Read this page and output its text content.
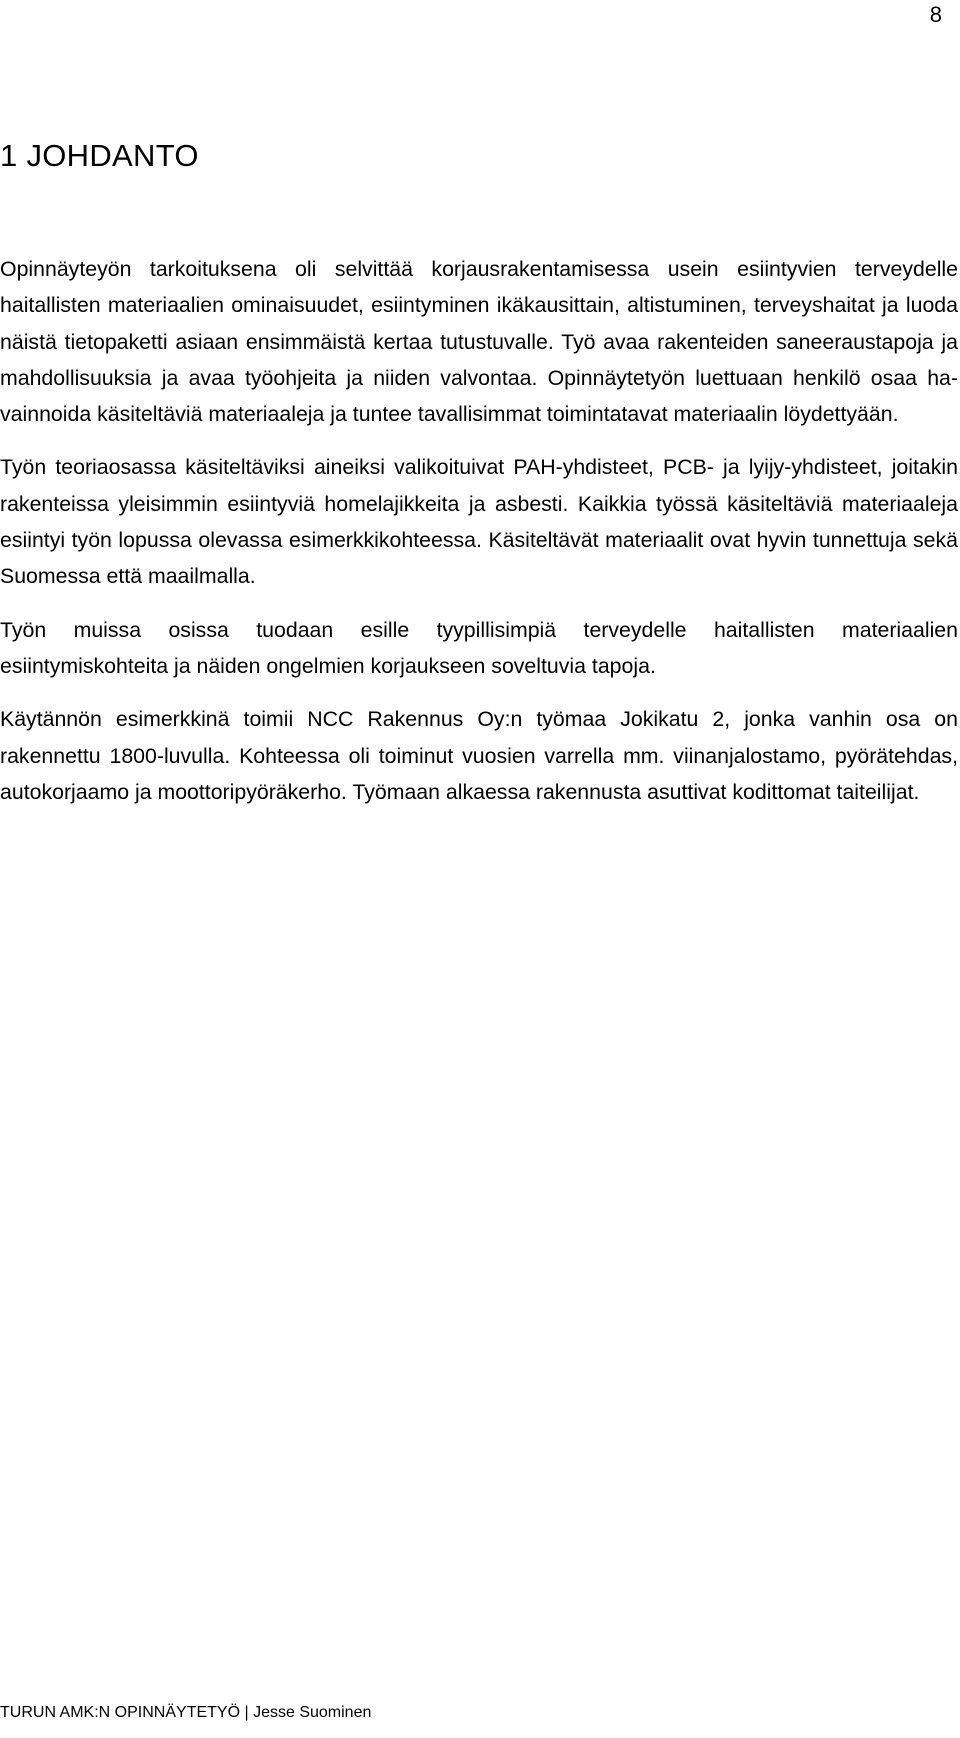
8
1 JOHDANTO

Opinnäyteyön tarkoituksena oli selvittää korjausrakentamisessa usein esiintyvien terveydelle haitallisten materiaalien ominaisuudet, esiintyminen ikäkausittain, altistuminen, terveyshaitat ja luoda näistä tietopaketti asiaan ensimmäistä kertaa tutustuvalle. Työ avaa rakenteiden saneeraustapoja ja mahdollisuuksia ja avaa työohjeita ja niiden valvontaa. Opinnäytetyön luettuaan henkilö osaa havainnoida käsiteltäviä materiaaleja ja tuntee tavallisimmat toimintatavat materiaalin löydettyään.

Työn teoriaosassa käsiteltäviksi aineiksi valikoituivat PAH-yhdisteet, PCB- ja lyijy-yhdisteet, joitakin rakenteissa yleisimmin esiintyviä homelajikkeita ja asbesti. Kaikkia työssä käsiteltäviä materiaaleja esiintyi työn lopussa olevassa esimerkkikohteessa. Käsiteltävät materiaalit ovat hyvin tunnettuja sekä Suomessa että maailmalla.

Työn muissa osissa tuodaan esille tyypillisimpiä terveydelle haitallisten materiaalien esiintymiskohteita ja näiden ongelmien korjaukseen soveltuvia tapoja.

Käytännön esimerkkinä toimii NCC Rakennus Oy:n työmaa Jokikatu 2, jonka vanhin osa on rakennettu 1800-luvulla. Kohteessa oli toiminut vuosien varrella mm. viinanjalostamo, pyörätehdas, autokorjaamo ja moottoripyöräkerho. Työmaan alkaessa rakennusta asuttivat kodittomat taiteilijat.

TURUN AMK:N OPINNÄYTETYÖ | Jesse Suominen
